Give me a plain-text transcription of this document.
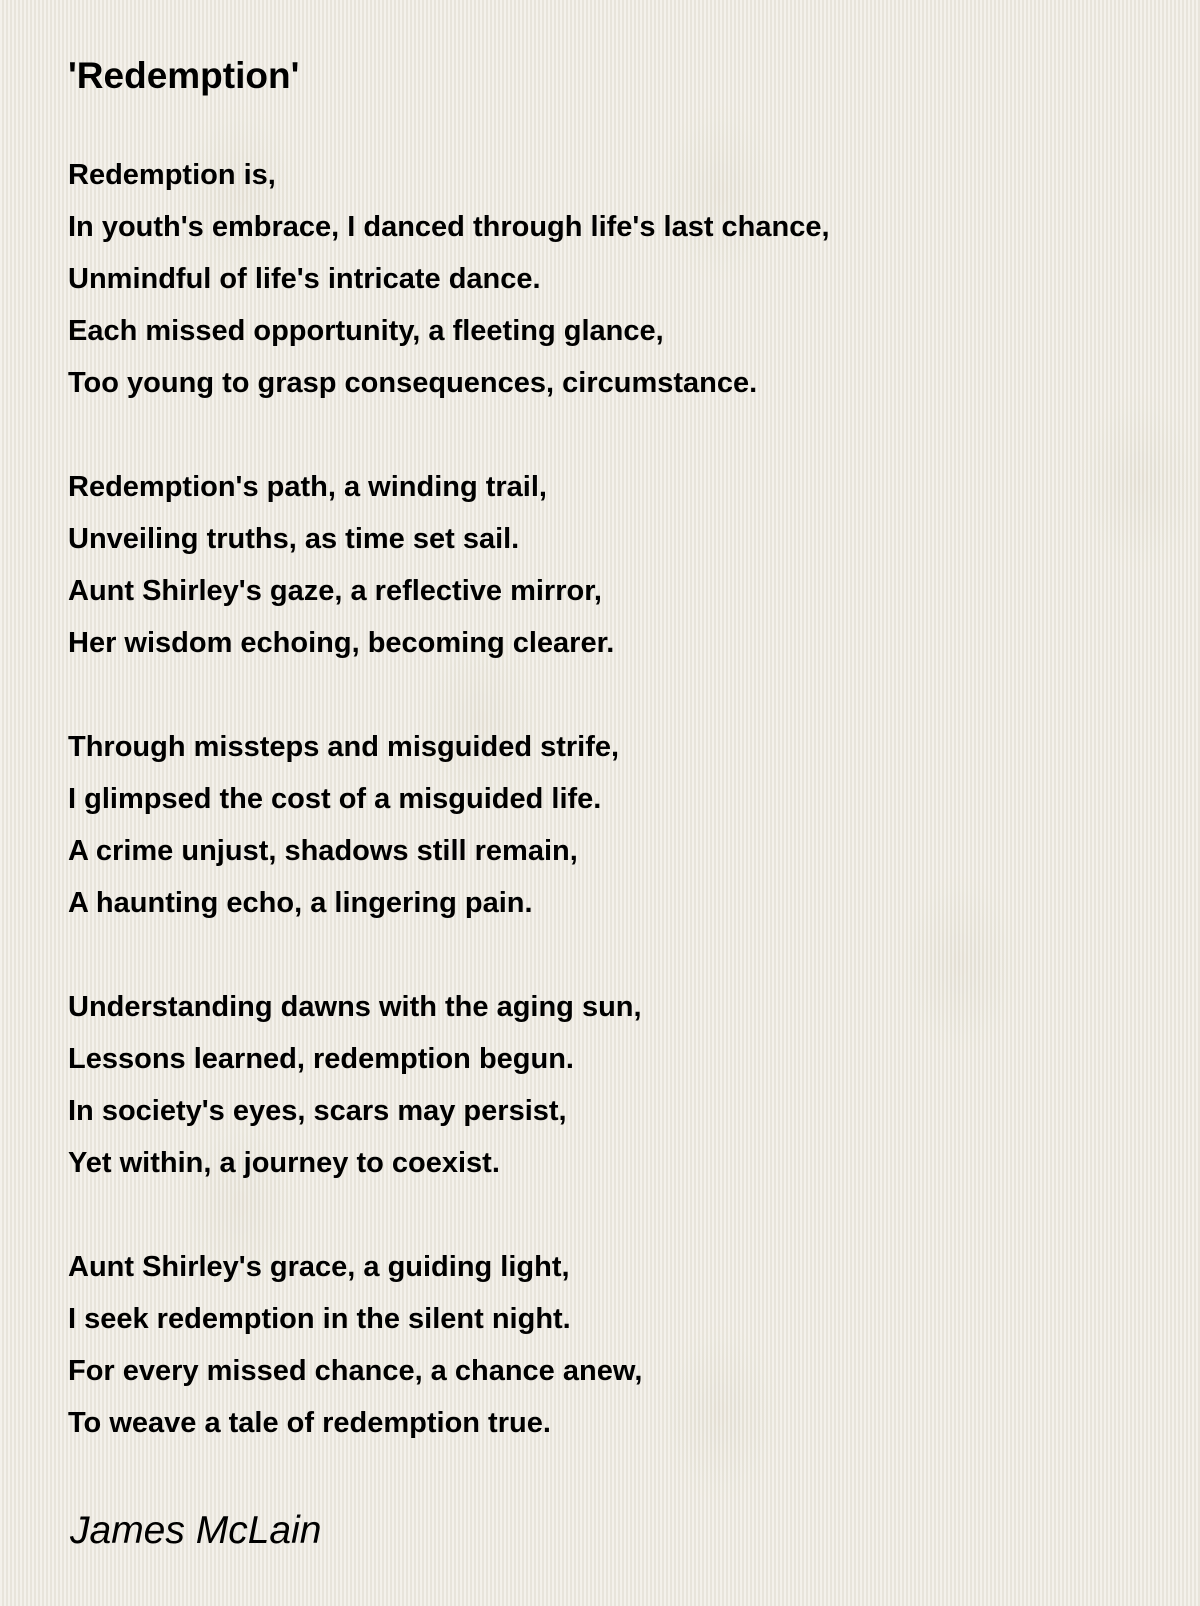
'Redemption'
Redemption is,
In youth's embrace, I danced through life's last chance,
Unmindful of life's intricate dance.
Each missed opportunity, a fleeting glance,
Too young to grasp consequences, circumstance.
Redemption's path, a winding trail,
Unveiling truths, as time set sail.
Aunt Shirley's gaze, a reflective mirror,
Her wisdom echoing, becoming clearer.
Through missteps and misguided strife,
I glimpsed the cost of a misguided life.
A crime unjust, shadows still remain,
A haunting echo, a lingering pain.
Understanding dawns with the aging sun,
Lessons learned, redemption begun.
In society's eyes, scars may persist,
Yet within, a journey to coexist.
Aunt Shirley's grace, a guiding light,
I seek redemption in the silent night.
For every missed chance, a chance anew,
To weave a tale of redemption true.
James McLain
